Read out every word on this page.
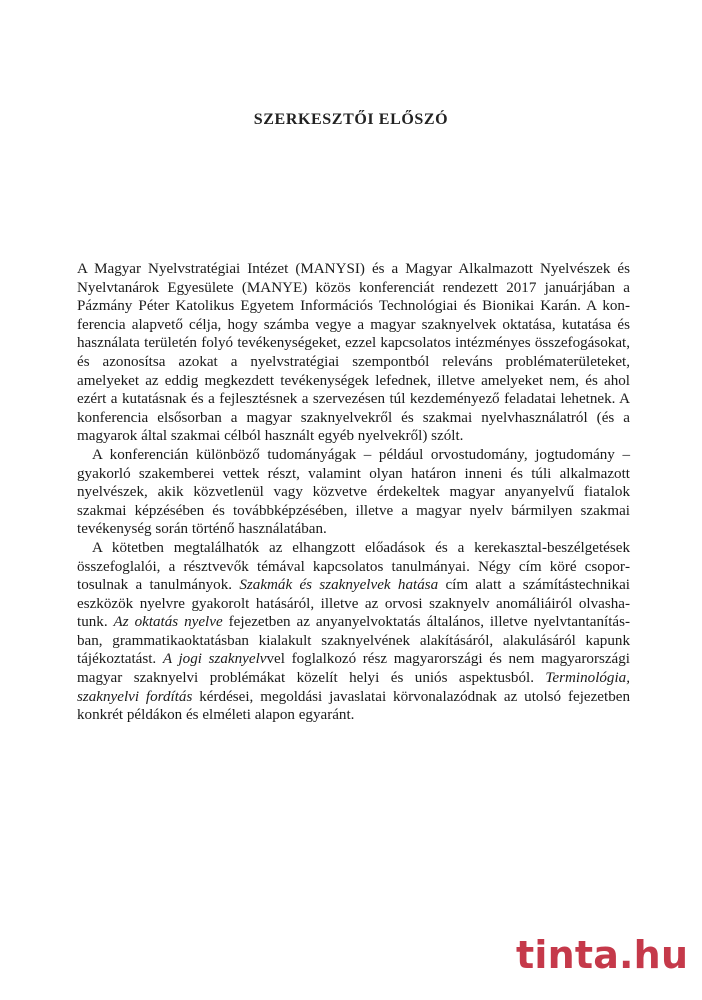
SZERKESZTŐI ELŐSZÓ

A Magyar Nyelvstratégiai Intézet (MANYSI) és a Magyar Alkalmazott Nyelvészek és Nyelvtanárok Egyesülete (MANYE) közös konferenciát rendezett 2017 januárjában a Pázmány Péter Katolikus Egyetem Információs Technológiai és Bionikai Karán. A konferencia alapvető célja, hogy számba vegye a magyar szaknyelvek oktatása, kutatása és használata területén folyó tevékenységeket, ezzel kapcsolatos intézményes összefogásokat, és azonosítsa azokat a nyelvstratégiai szempontból releváns problématerületeket, amelyeket az eddig megkezdett tevékenységek lefednek, illetve amelyeket nem, és ahol ezért a kutatásnak és a fejlesztésnek a szervezésen túl kezdeményező feladatai lehetnek. A konferencia elsősorban a magyar szaknyelvekről és szakmai nyelvhasználatról (és a magyarok által szakmai célból használt egyéb nyelvekről) szólt.

A konferencián különböző tudományágak – például orvostudomány, jogtudomány – gyakorló szakemberei vettek részt, valamint olyan határon inneni és túli alkalmazott nyelvészek, akik közvetlenül vagy közvetve érdekeltek magyar anyanyelvű fiatalok szakmai képzésében és továbbképzésében, illetve a magyar nyelv bármilyen szakmai tevékenység során történő használatában.

A kötetben megtalálhatók az elhangzott előadások és a kerekasztal-beszélgetések összefoglalói, a résztvevők témával kapcsolatos tanulmányai. Négy cím köré csoportosulnak a tanulmányok. Szakmák és szaknyelvek hatása cím alatt a számítástechnikai eszközök nyelvre gyakorolt hatásáról, illetve az orvosi szaknyelv anomáliáiról olvashatunk. Az oktatás nyelve fejezetben az anyanyelvoktatás általános, illetve nyelvtantanításban, grammatikaoktatásban kialakult szaknyelvének alakításáról, alakulásáról kapunk tájékoztatást. A jogi szaknyelvvel foglalkozó rész magyarországi és nem magyarországi magyar szaknyelvi problémákat közelít helyi és uniós aspektusból. Terminológia, szaknyelvi fordítás kérdései, megoldási javaslatai körvonalazódnak az utolsó fejezetben konkrét példákon és elméleti alapon egyaránt.

tinta.hu
